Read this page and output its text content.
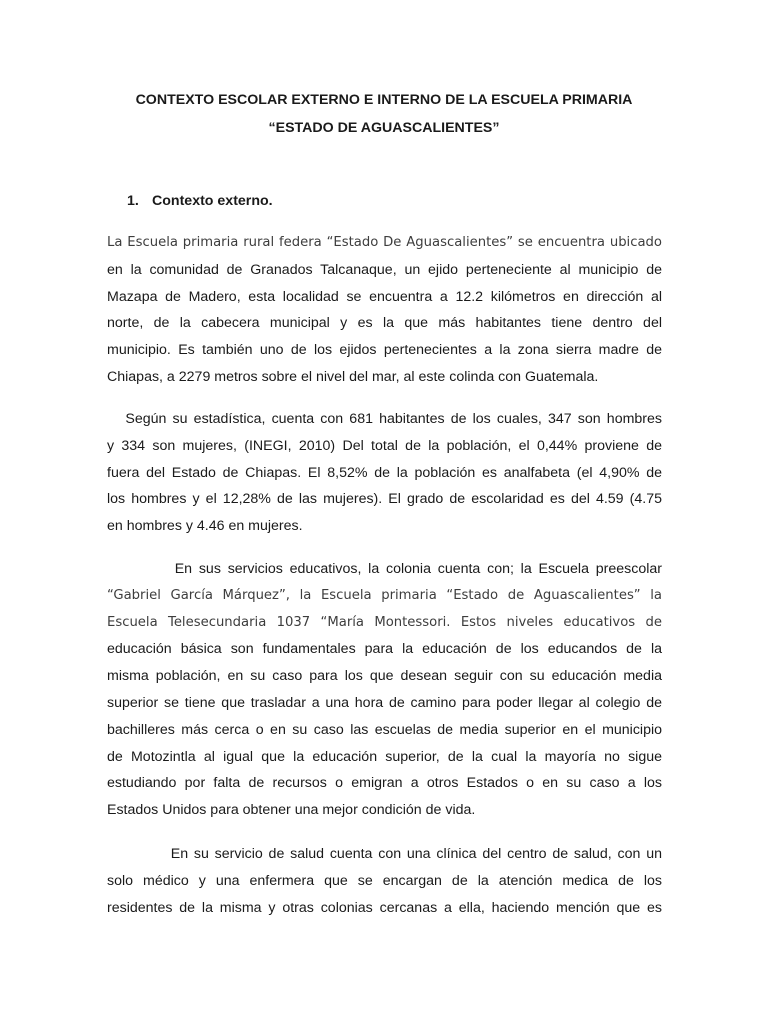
CONTEXTO ESCOLAR EXTERNO E INTERNO DE LA ESCUELA PRIMARIA
“ESTADO DE AGUASCALIENTES”
1. Contexto externo.
La Escuela primaria rural federa “Estado De Aguascalientes” se encuentra ubicado
en la comunidad de Granados Talcanaque, un ejido perteneciente al municipio de
Mazapa de Madero, esta localidad se encuentra a 12.2 kilómetros en dirección al
norte, de la cabecera municipal y es la que más habitantes tiene dentro del
municipio. Es también uno de los ejidos pertenecientes a la zona sierra madre de
Chiapas, a 2279 metros sobre el nivel del mar, al este colinda con Guatemala.
Según su estadística, cuenta con 681 habitantes de los cuales, 347 son hombres
y 334 son mujeres, (INEGI, 2010) Del total de la población, el 0,44% proviene de
fuera del Estado de Chiapas. El 8,52% de la población es analfabeta (el 4,90% de
los hombres y el 12,28% de las mujeres). El grado de escolaridad es del 4.59 (4.75
en hombres y 4.46 en mujeres.
En sus servicios educativos, la colonia cuenta con; la Escuela preescolar
“Gabriel García Márquez”, la Escuela primaria “Estado de Aguascalientes” la
Escuela Telesecundaria 1037 “María Montessori. Estos niveles educativos de
educación básica son fundamentales para la educación de los educandos de la
misma población, en su caso para los que desean seguir con su educación media
superior se tiene que trasladar a una hora de camino para poder llegar al colegio de
bachilleres más cerca o en su caso las escuelas de media superior en el municipio
de Motozintla al igual que la educación superior, de la cual la mayoría no sigue
estudiando por falta de recursos o emigran a otros Estados o en su caso a los
Estados Unidos para obtener una mejor condición de vida.
En su servicio de salud cuenta con una clínica del centro de salud, con un
solo médico y una enfermera que se encargan de la atención medica de los
residentes de la misma y otras colonias cercanas a ella, haciendo mención que es
